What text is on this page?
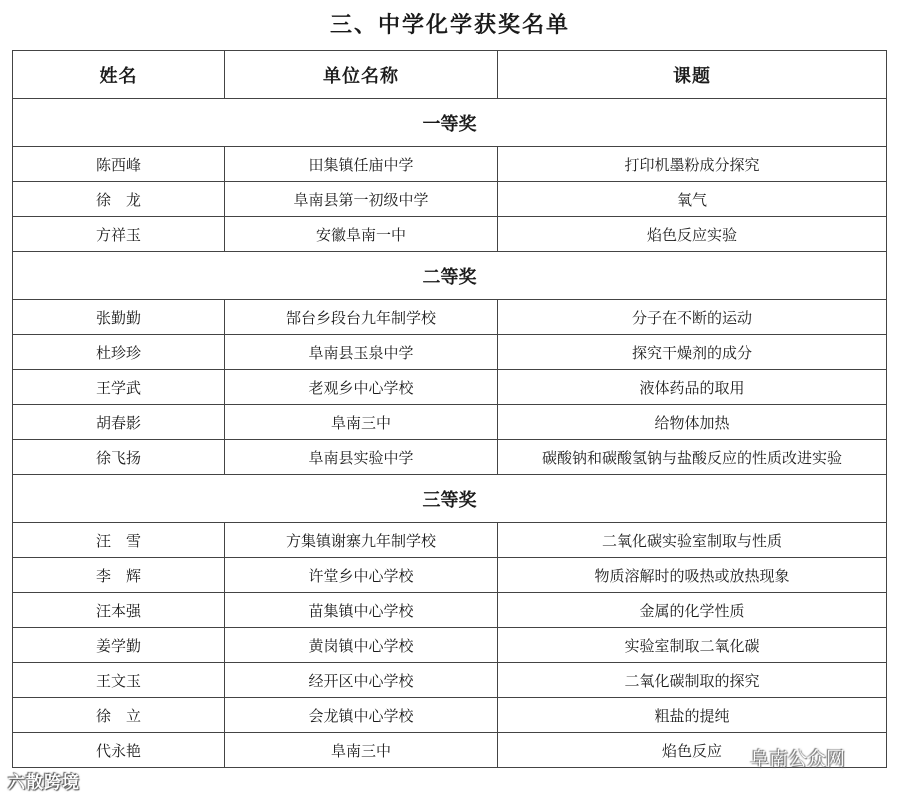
三、中学化学获奖名单
姓名	单位名称	课题
一等奖		
陈西峰	田集镇任庙中学	打印机墨粉成分探究
徐　龙	阜南县第一初级中学	氧气
方祥玉	安徽阜南一中	焰色反应实验
二等奖		
张勤勤	郜台乡段台九年制学校	分子在不断的运动
杜珍珍	阜南县玉泉中学	探究干燥剂的成分
王学武	老观乡中心学校	液体药品的取用
胡春影	阜南三中	给物体加热
徐飞扬	阜南县实验中学	碳酸钠和碳酸氢钠与盐酸反应的性质改进实验
三等奖		
汪　雪	方集镇谢寨九年制学校	二氧化碳实验室制取与性质
李　辉	许堂乡中心学校	物质溶解时的吸热或放热现象
汪本强	苗集镇中心学校	金属的化学性质
姜学勤	黄岗镇中心学校	实验室制取二氧化碳
王文玉	经开区中心学校	二氧化碳制取的探究
徐　立	会龙镇中心学校	粗盐的提纯
代永艳	阜南三中	焰色反应
六散跨境
阜南公众网
